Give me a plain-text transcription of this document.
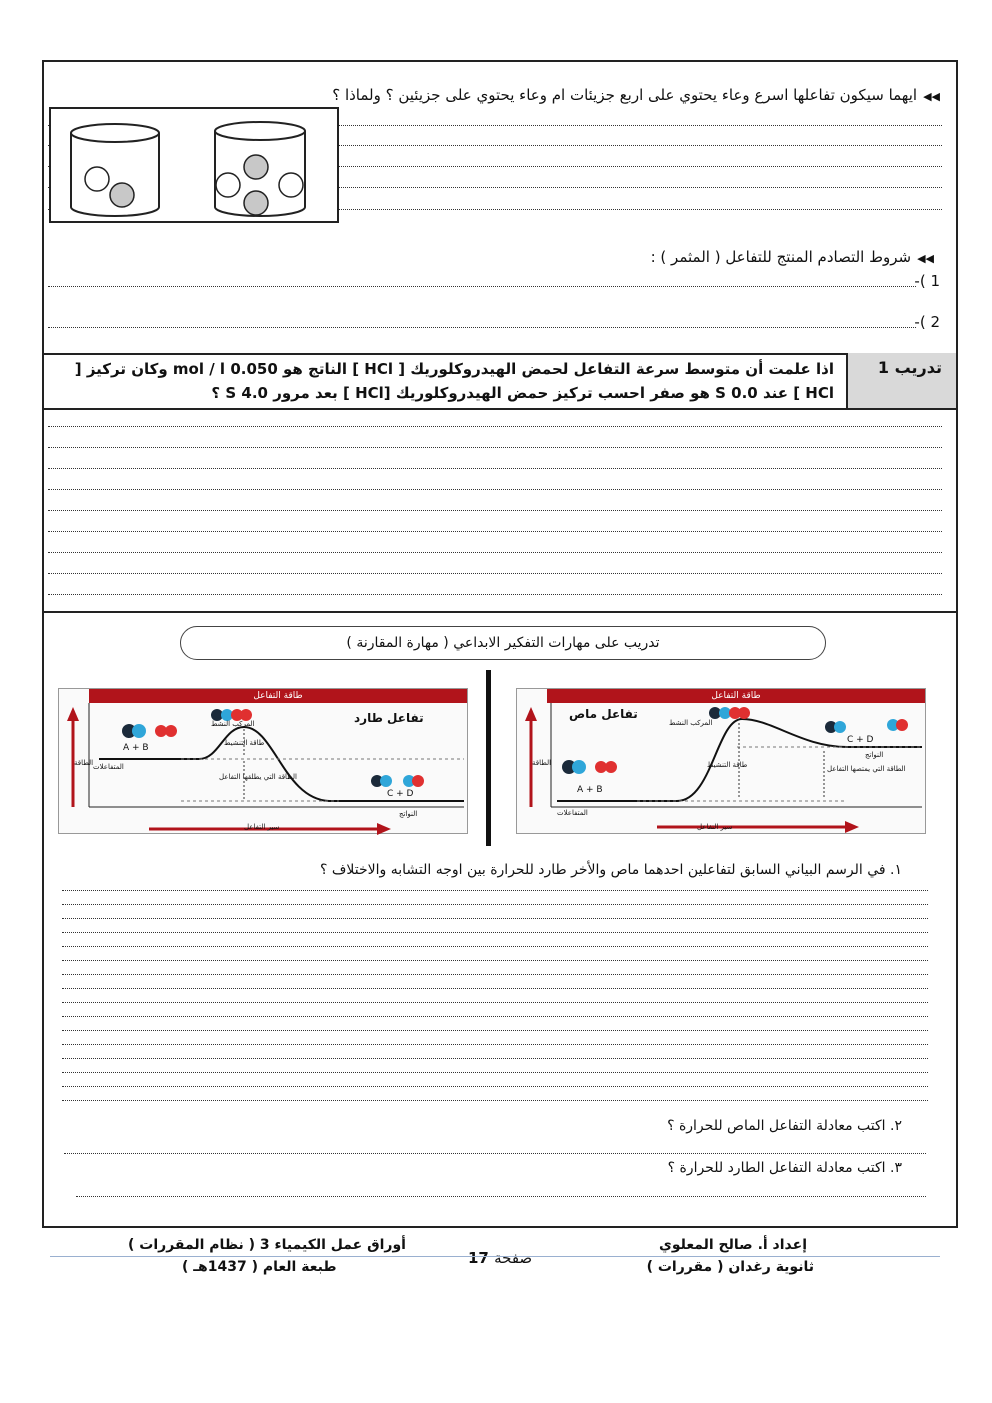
◀◀ايهما سيكون تفاعلها اسرع وعاء يحتوي على اربع جزيئات ام وعاء يحتوي على جزيئين ؟ ولماذا ؟
◀◀شروط التصادم المنتج للتفاعل ( المثمر ) :
1 )-
2 )-
تدريب 1
اذا علمت أن متوسط سرعة التفاعل لحمض الهيدروكلوريك [ HCl ] الناتج هو 0.050 mol / l وكان تركيز [
HCl ] عند 0.0 S هو صفر احسب تركيز حمض الهيدروكلوريك [HCl ] بعد مرور 4.0 S ؟
تدريب على مهارات التفكير الابداعي ( مهارة المقارنة )
طاقة التفاعل
تفاعل طارد
المركب النشط
طاقة التنشيط
A + B
المتفاعلات
الطاقة التي يطلقها التفاعل
C + D
النواتج
الطاقة
سير التفاعل
طاقة التفاعل
تفاعل ماص
المركب النشط
طاقة التنشيط
A + B
المتفاعلات
C + D
النواتج
الطاقة التي يمتصها التفاعل
الطاقة
سير التفاعل
١. في الرسم البياني السابق لتفاعلين احدهما ماص والأخر طارد للحرارة بين اوجه التشابه والاختلاف ؟
٢. اكتب معادلة التفاعل الماص للحرارة ؟
٣. اكتب معادلة التفاعل الطارد للحرارة ؟
إعداد أ. صالح المعلوي
ثانوية رغدان ( مقررات )
صفحة 17
أوراق عمل الكيمياء 3 ( نظام المقررات )
طبعة العام ( 1437هـ )
